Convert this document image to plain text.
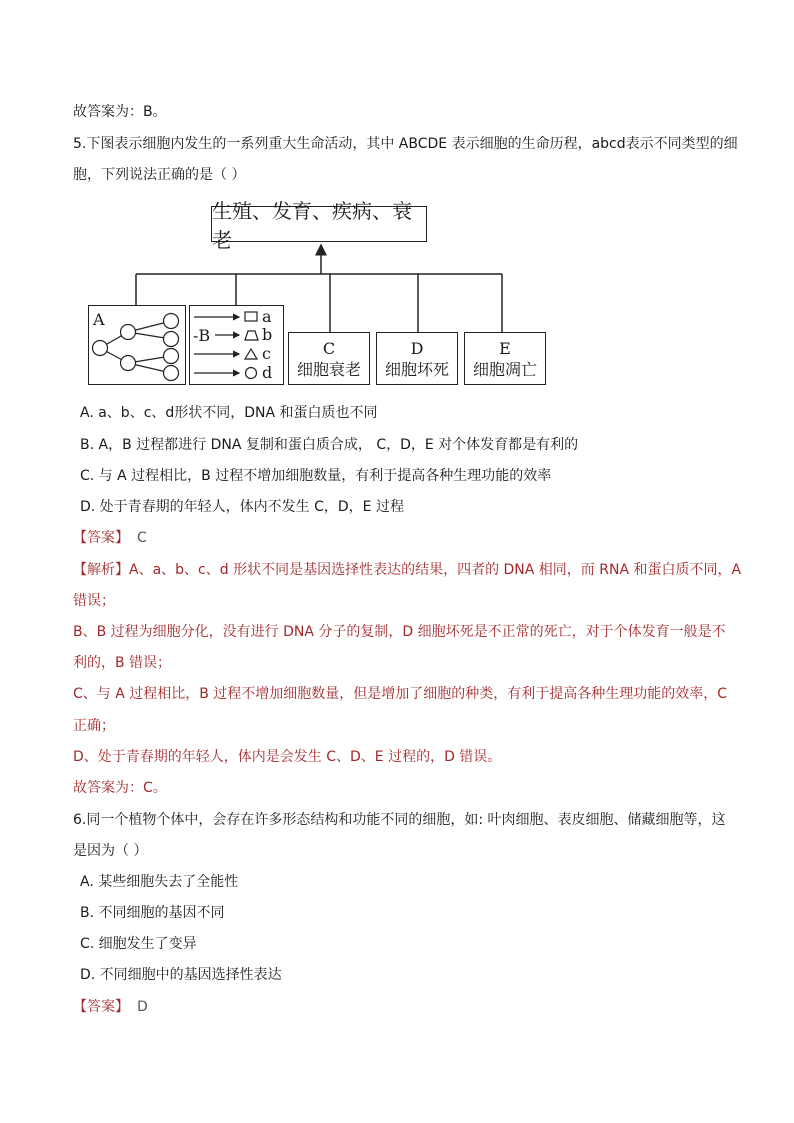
故答案为：B。
5.下图表示细胞内发生的一系列重大生命活动，其中 ABCDE 表示细胞的生命历程，abcd表示不同类型的细
胞，下列说法正确的是（ ）
生殖、发育、疾病、衰老
A
-B
a
b
c
d
C
细胞衰老
D
细胞坏死
E
细胞凋亡
A. a、b、c、d形状不同，DNA 和蛋白质也不同
B. A，B 过程都进行 DNA 复制和蛋白质合成， C，D，E 对个体发育都是有利的
C. 与 A 过程相比，B 过程不增加细胞数量，有利于提高各种生理功能的效率
D. 处于青春期的年轻人，体内不发生 C，D，E 过程
【答案】 C
【解析】A、a、b、c、d 形状不同是基因选择性表达的结果，四者的 DNA 相同，而 RNA 和蛋白质不同，A
错误；
B、B 过程为细胞分化，没有进行 DNA 分子的复制，D 细胞坏死是不正常的死亡，对于个体发育一般是不
利的，B 错误；
C、与 A 过程相比，B 过程不增加细胞数量，但是增加了细胞的种类，有利于提高各种生理功能的效率，C
正确；
D、处于青春期的年轻人，体内是会发生 C、D、E 过程的，D 错误。
故答案为：C。
6.同一个植物个体中，会存在许多形态结构和功能不同的细胞，如: 叶肉细胞、表皮细胞、储藏细胞等，这
是因为（ ）
A. 某些细胞失去了全能性
B. 不同细胞的基因不同
C. 细胞发生了变异
D. 不同细胞中的基因选择性表达
【答案】 D
